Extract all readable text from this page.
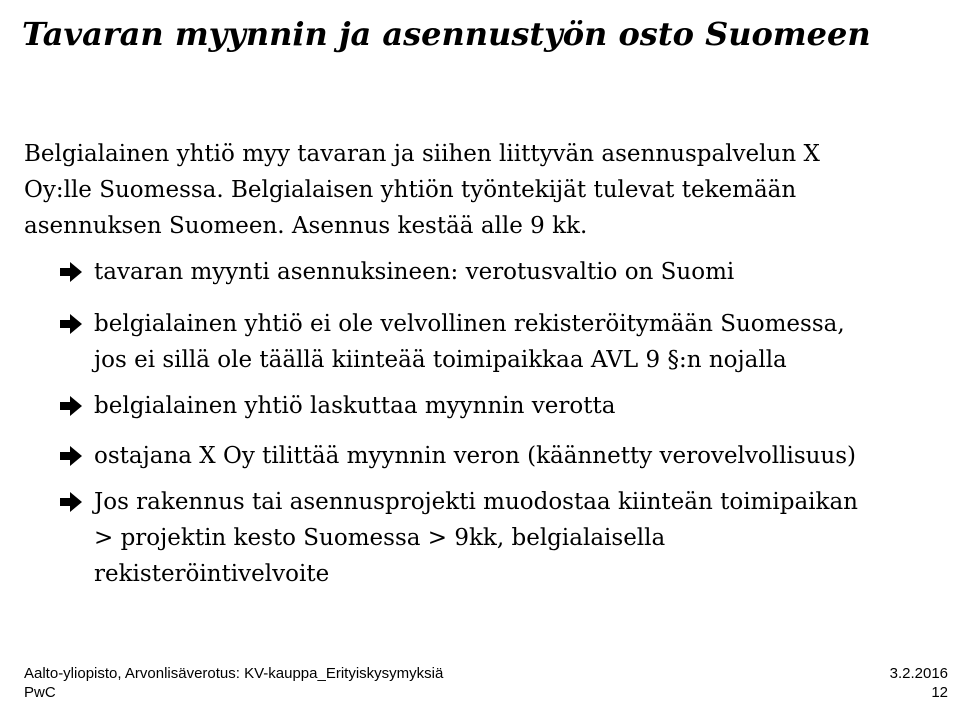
Tavaran myynnin ja asennustyön osto Suomeen
Belgialainen yhtiö myy tavaran ja siihen liittyvän asennuspalvelun X
Oy:lle Suomessa. Belgialaisen yhtiön työntekijät tulevat tekemään
asennuksen Suomeen. Asennus kestää alle 9 kk.
tavaran myynti asennuksineen: verotusvaltio on Suomi
belgialainen yhtiö ei ole velvollinen rekisteröitymään Suomessa,
jos ei sillä ole täällä kiinteää toimipaikkaa AVL 9 §:n nojalla
belgialainen yhtiö laskuttaa myynnin verotta
ostajana X Oy tilittää myynnin veron (käännetty verovelvollisuus)
Jos rakennus tai asennusprojekti muodostaa kiinteän toimipaikan
> projektin kesto Suomessa > 9kk, belgialaisella
rekisteröintivelvoite
Aalto-yliopisto, Arvonlisäverotus: KV-kauppa_Erityiskysymyksiä
PwC
3.2.2016
12
